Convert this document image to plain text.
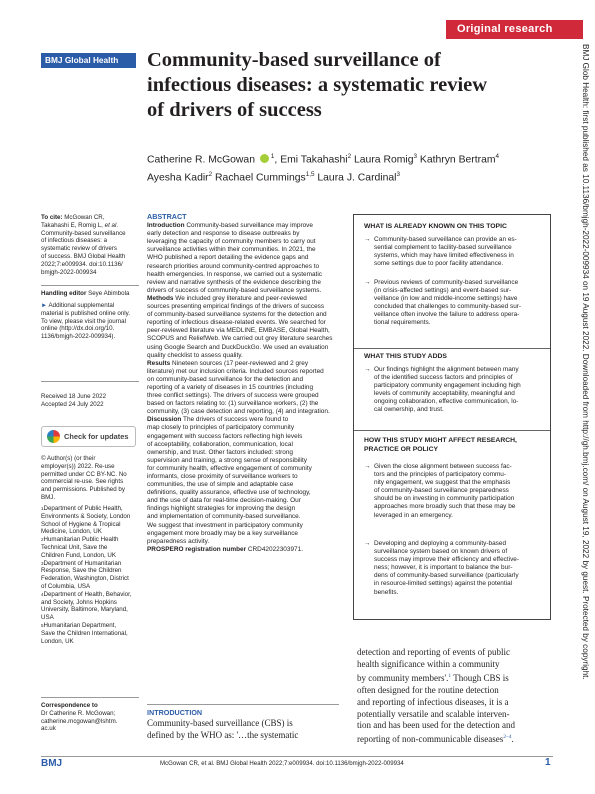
Original research
BMJ Global Health	Community-based surveillance of
infectious diseases: a systematic review
of drivers of success
Catherine R. McGowan	$^1$, Emi Takahashi$^2$ Laura Romig$^3$ Kathryn Bertram$^4$
Ayesha Kadir$^2$ Rachael Cummings$^{1,5}$ Laura J. Cardinal$^3$
To cite: McGowan CR,
Takahashi E, Romig L, et al.
Community-based surveillance
of infectious diseases: a
systematic review of drivers
of success. BMJ Global Health
2022;7:e009934. doi:10.1136/
bmjgh-2022-009934
Handling editor Seye Abimbola
► Additional supplemental
material is published online only.
To view, please visit the journal
online (http://dx.doi.org/10.
1136/bmjgh-2022-009934).
Received 18 June 2022
Accepted 24 July 2022
Check for updates
© Author(s) (or their
employer(s)) 2022. Re-use
permitted under CC BY-NC. No
commercial re-use. See rights
and permissions. Published by
BMJ.
$^1$Department of Public Health,

Environments & Society, London
School of Hygiene & Tropical
Medicine, London, UK
$^2$Humanitarian Public Health

Technical Unit, Save the
Children Fund, London, UK
$^3$Department of Humanitarian

Response, Save the Children
Federation, Washington, District
of Columbia, USA
$^4$Department of Health, Behavior,

and Society, Johns Hopkins
University, Baltimore, Maryland,
USA
$^5$Humanitarian Department,

Save the Children International,
London, UK
Correspondence to
Dr Catherine R. McGowan;
catherine.mcgowan@lshtm.
ac.uk
ABSTRACT
Introduction Community-based surveillance may improve
early detection and response to disease outbreaks by
leveraging the capacity of community members to carry out
surveillance activities within their communities. In 2021, the
WHO published a report detailing the evidence gaps and
research priorities around community-centred approaches to
health emergencies. In response, we carried out a systematic
review and narrative synthesis of the evidence describing the
drivers of success of community-based surveillance systems.
Methods We included grey literature and peer-reviewed
sources presenting empirical findings of the drivers of success
of community-based surveillance systems for the detection and
reporting of infectious disease-related events. We searched for
peer-reviewed literature via MEDLINE, EMBASE, Global Health,
SCOPUS and ReliefWeb. We carried out grey literature searches
using Google Search and DuckDuckGo. We used an evaluation
quality checklist to assess quality.
Results Nineteen sources (17 peer-reviewed and 2 grey
literature) met our inclusion criteria. Included sources reported
on community-based surveillance for the detection and
reporting of a variety of diseases in 15 countries (including
three conflict settings). The drivers of success were grouped
based on factors relating to: (1) surveillance workers, (2) the
community, (3) case detection and reporting, (4) and integration.
Discussion The drivers of success were found to
map closely to principles of participatory community
engagement with success factors reflecting high levels
of acceptability, collaboration, communication, local
ownership, and trust. Other factors included: strong
supervision and training, a strong sense of responsibility
for community health, effective engagement of community
informants, close proximity of surveillance workers to
communities, the use of simple and adaptable case
definitions, quality assurance, effective use of technology,
and the use of data for real-time decision-making. Our
findings highlight strategies for improving the design
and implementation of community-based surveillance.
We suggest that investment in participatory community
engagement more broadly may be a key surveillance
preparedness activity.
PROSPERO registration number CRD42022303971.
WHAT IS ALREADY KNOWN ON THIS TOPIC
→ Community-based surveillance can provide an es-
sential complement to facility-based surveillance
systems, which may have limited effectiveness in
some settings due to poor facility attendance.
→ Previous reviews of community-based surveillance
(in crisis-affected settings) and event-based sur-
veillance (in low and middle-income settings) have
concluded that challenges to community-based sur-
veillance often involve the failure to address opera-
tional requirements.
WHAT THIS STUDY ADDS
→ Our findings highlight the alignment between many
of the identified success factors and principles of
participatory community engagement including high
levels of community acceptability, meaningful and
ongoing collaboration, effective communication, lo-
cal ownership, and trust.
HOW THIS STUDY MIGHT AFFECT RESEARCH,
PRACTICE OR POLICY
→ Given the close alignment between success fac-
tors and the principles of participatory commu-
nity engagement, we suggest that the emphasis
of community-based surveillance preparedness
should be on investing in community participation
approaches more broadly such that these may be
leveraged in an emergency.
→ Developing and deploying a community-based
surveillance system based on known drivers of
success may improve their efficiency and effective-
ness; however, it is important to balance the bur-
dens of community-based surveillance (particularly
in resource-limited settings) against the potential
benefits.
INTRODUCTION
Community-based surveillance (CBS) is
defined by the WHO as: '…the systematic
detection and reporting of events of public
health significance within a community
by community members'.$^1$ Though CBS is
often designed for the routine detection
and reporting of infectious diseases, it is a
potentially versatile and scalable interven-
tion and has been used for the detection and
reporting of non-communicable diseases$^{2-4}$.
BMJ Glob Health: first published as 10.1136/bmjgh-2022-009934 on 19 August 2022. Downloaded from http://gh.bmj.com/ on August 19, 2022 by guest. Protected by copyright.
BMJ	McGowan CR, et al. BMJ Global Health 2022;7:e009934. doi:10.1136/bmjgh-2022-009934	1
